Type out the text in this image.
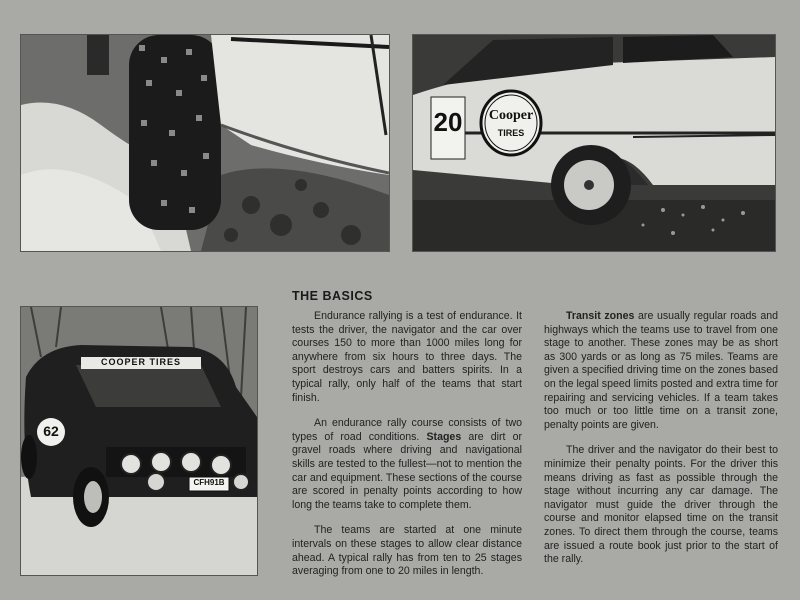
20	Cooper
TIRES
COOPER TIRES
62
CFH91B
THE BASICS

Endurance rallying is a test of endurance. It tests the driver, the navigator and the car over courses 150 to more than 1000 miles long for anywhere from six hours to three days. The sport destroys cars and batters spirits. In a typical rally, only half of the teams that start finish.

An endurance rally course consists of two types of road conditions. Stages are dirt or gravel roads where driving and navigational skills are tested to the fullest—not to mention the car and equipment. These sections of the course are scored in penalty points according to how long the teams take to complete them.

The teams are started at one minute intervals on these stages to allow clear distance ahead. A typical rally has from ten to 25 stages averaging from one to 20 miles in length.

Transit zones are usually regular roads and highways which the teams use to travel from one stage to another. These zones may be as short as 300 yards or as long as 75 miles. Teams are given a specified driving time on the zones based on the legal speed limits posted and extra time for repairing and servicing vehicles. If a team takes too much or too little time on a transit zone, penalty points are given.

The driver and the navigator do their best to minimize their penalty points. For the driver this means driving as fast as possible through the stage without incurring any car damage. The navigator must guide the driver through the course and monitor elapsed time on the transit zones. To direct them through the course, teams are issued a route book just prior to the start of the rally.
